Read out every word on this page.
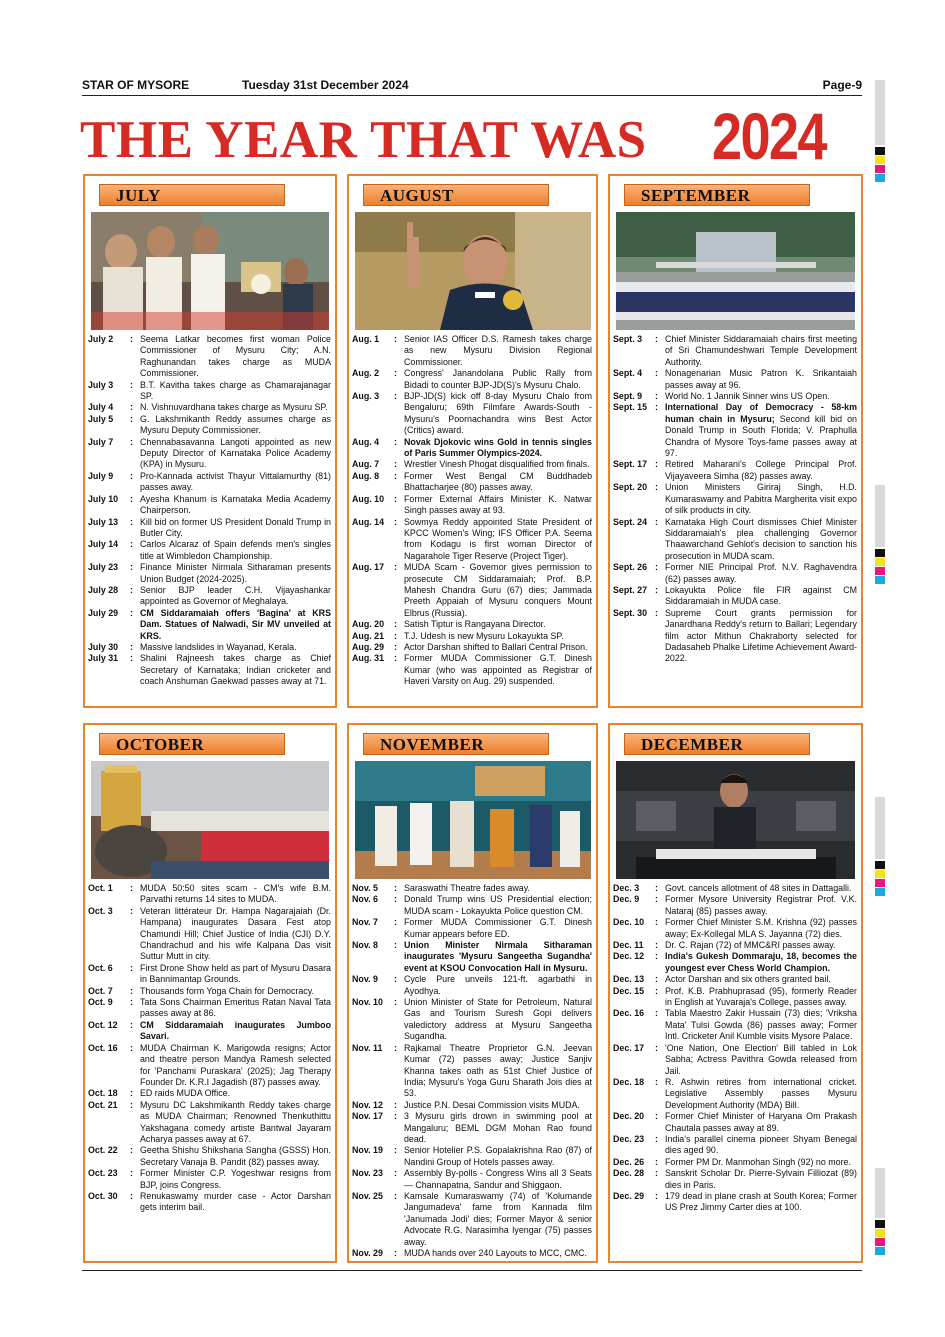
STAR OF MYSORE	Tuesday 31st December 2024	Page-9
THE YEAR THAT WAS 2024
JULY
July 2	: Seema Latkar becomes first woman Police Commissioner of Mysuru City; A.N. Raghunandan takes charge as MUDA Commissioner.
July 3	: B.T. Kavitha takes charge as Chamarajanagar SP.
July 4	: N. Vishnuvardhana takes charge as Mysuru SP.
July 5	: G. Lakshmikanth Reddy assumes charge as Mysuru Deputy Commissioner.
July 7	: Chennabasavanna Langoti appointed as new Deputy Director of Karnataka Police Academy (KPA) in Mysuru.
July 9	: Pro-Kannada activist Thayur Vittalamurthy (81) passes away.
July 10	: Ayesha Khanum is Karnataka Media Academy Chairperson.
July 13	: Kill bid on former US President Donald Trump in Butler City.
July 14	: Carlos Alcaraz of Spain defends men's singles title at Wimbledon Championship.
July 23	: Finance Minister Nirmala Sitharaman presents Union Budget (2024-2025).
July 28	: Senior BJP leader C.H. Vijayashankar appointed as Governor of Meghalaya.
July 29	: CM Siddaramaiah offers 'Bagina' at KRS Dam. Statues of Nalwadi, Sir MV unveiled at KRS.
July 30	: Massive landslides in Wayanad, Kerala.
July 31	: Shalini Rajneesh takes charge as Chief Secretary of Karnataka; Indian cricketer and coach Anshuman Gaekwad passes away at 71.
AUGUST
Aug. 1	: Senior IAS Officer D.S. Ramesh takes charge as new Mysuru Division Regional Commissioner.
Aug. 2	: Congress' Janandolana Public Rally from Bidadi to counter BJP-JD(S)'s Mysuru Chalo.
Aug. 3	: BJP-JD(S) kick off 8-day Mysuru Chalo from Bengaluru; 69th Filmfare Awards-South - Mysuru's Poornachandra wins Best Actor (Critics) award.
Aug. 4	: Novak Djokovic wins Gold in tennis singles of Paris Summer Olympics-2024.
Aug. 7	: Wrestler Vinesh Phogat disqualified from finals.
Aug. 8	: Former West Bengal CM Buddhadeb Bhattacharjee (80) passes away.
Aug. 10	: Former External Affairs Minister K. Natwar Singh passes away at 93.
Aug. 14	: Sowmya Reddy appointed State President of KPCC Women's Wing; IFS Officer P.A. Seema from Kodagu is first woman Director of Nagarahole Tiger Reserve (Project Tiger).
Aug. 17	: MUDA Scam - Governor gives permission to prosecute CM Siddaramaiah; Prof. B.P. Mahesh Chandra Guru (67) dies; Jammada Preeth Appaiah of Mysuru conquers Mount Elbrus (Russia).
Aug. 20	: Satish Tiptur is Rangayana Director.
Aug. 21	: T.J. Udesh is new Mysuru Lokayukta SP.
Aug. 29	: Actor Darshan shifted to Ballari Central Prison.
Aug. 31	: Former MUDA Commissioner G.T. Dinesh Kumar (who was appointed as Registrar of Haveri Varsity on Aug. 29) suspended.
SEPTEMBER
Sept. 3	: Chief Minister Siddaramaiah chairs first meeting of Sri Chamundeshwari Temple Development Authority.
Sept. 4	: Nonagenarian Music Patron K. Srikantaiah passes away at 96.
Sept. 9	: World No. 1 Jannik Sinner wins US Open.
Sept. 15 : International Day of Democracy - 58-km human chain in Mysuru; Second kill bid on Donald Trump in South Florida; V. Praphulla Chandra of Mysore Toys-fame passes away at 97.
Sept. 17 : Retired Maharani's College Principal Prof. Vijayaveera Simha (82) passes away.
Sept. 20 : Union Ministers Giriraj Singh, H.D. Kumaraswamy and Pabitra Margherita visit expo of silk products in city.
Sept. 24 : Karnataka High Court dismisses Chief Minister Siddaramaiah's plea challenging Governor Thaawarchand Gehlot's decision to sanction his prosecution in MUDA scam.
Sept. 26 : Former NIE Principal Prof. N.V. Raghavendra (62) passes away.
Sept. 27 : Lokayukta Police file FIR against CM Siddaramaiah in MUDA case.
Sept. 30 : Supreme Court grants permission for Janardhana Reddy's return to Ballari; Legendary film actor Mithun Chakraborty selected for Dadasaheb Phalke Lifetime Achievement Award-2022.
OCTOBER
Oct. 1	: MUDA 50:50 sites scam - CM's wife B.M. Parvathi returns 14 sites to MUDA.
Oct. 3	: Veteran littérateur Dr. Hampa Nagarajaiah (Dr. Hampana) inaugurates Dasara Fest atop Chamundi Hill; Chief Justice of India (CJI) D.Y. Chandrachud and his wife Kalpana Das visit Suttur Mutt in city.
Oct. 6	: First Drone Show held as part of Mysuru Dasara in Bannimantap Grounds.
Oct. 7	: Thousands form Yoga Chain for Democracy.
Oct. 9	: Tata Sons Chairman Emeritus Ratan Naval Tata passes away at 86.
Oct. 12	: CM Siddaramaiah inaugurates Jumboo Savari.
Oct. 16	: MUDA Chairman K. Marigowda resigns; Actor and theatre person Mandya Ramesh selected for 'Panchami Puraskara' (2025); Jag Therapy Founder Dr. K.R.I Jagadish (87) passes away.
Oct. 18	: ED raids MUDA Office.
Oct. 21	: Mysuru DC Lakshmikanth Reddy takes charge as MUDA Chairman; Renowned Thenkuthittu Yakshagana comedy artiste Bantwal Jayaram Acharya passes away at 67.
Oct. 22	: Geetha Shishu Shikshana Sangha (GSSS) Hon. Secretary Vanaja B. Pandit (82) passes away.
Oct. 23	: Former Minister C.P. Yogeshwar resigns from BJP, joins Congress.
Oct. 30	: Renukaswamy murder case - Actor Darshan gets interim bail.
NOVEMBER
Nov. 5	: Saraswathi Theatre fades away.
Nov. 6	: Donald Trump wins US Presidential election; MUDA scam - Lokayukta Police question CM.
Nov. 7	: Former MUDA Commissioner G.T. Dinesh Kumar appears before ED.
Nov. 8	: Union Minister Nirmala Sitharaman inaugurates 'Mysuru Sangeetha Sugandha' event at KSOU Convocation Hall in Mysuru.
Nov. 9	: Cycle Pure unveils 121-ft. agarbathi in Ayodhya.
Nov. 10	: Union Minister of State for Petroleum, Natural Gas and Tourism Suresh Gopi delivers valedictory address at Mysuru Sangeetha Sugandha.
Nov. 11	: Rajkamal Theatre Proprietor G.N. Jeevan Kumar (72) passes away; Justice Sanjiv Khanna takes oath as 51st Chief Justice of India; Mysuru's Yoga Guru Sharath Jois dies at 53.
Nov. 12	: Justice P.N. Desai Commission visits MUDA.
Nov. 17	: 3 Mysuru girls drown in swimming pool at Mangaluru; BEML DGM Mohan Rao found dead.
Nov. 19	: Senior Hotelier P.S. Gopalakrishna Rao (87) of Nandini Group of Hotels passes away.
Nov. 23	: Assembly By-polls - Congress Wins all 3 Seats — Channapatna, Sandur and Shiggaon.
Nov. 25	: Kamsale Kumaraswamy (74) of 'Kolumande Jangumadeva' fame from Kannada film 'Janumada Jodi' dies; Former Mayor & senior Advocate R.G. Narasimha Iyengar (75) passes away.
Nov. 29	: MUDA hands over 240 Layouts to MCC, CMC.
DECEMBER
Dec. 3	: Govt. cancels allotment of 48 sites in Dattagalli.
Dec. 9	: Former Mysore University Registrar Prof. V.K. Nataraj (85) passes away.
Dec. 10	: Former Chief Minister S.M. Krishna (92) passes away; Ex-Kollegal MLA S. Jayanna (72) dies.
Dec. 11	: Dr. C. Rajan (72) of MMC&RI passes away.
Dec. 12	: India's Gukesh Dommaraju, 18, becomes the youngest ever Chess World Champion.
Dec. 13	: Actor Darshan and six others granted bail.
Dec. 15	: Prof. K.B. Prabhuprasad (95), formerly Reader in English at Yuvaraja's College, passes away.
Dec. 16	: Tabla Maestro Zakir Hussain (73) dies; 'Vriksha Mata' Tulsi Gowda (86) passes away; Former Intl. Cricketer Anil Kumble visits Mysore Palace.
Dec. 17	: 'One Nation, One Election' Bill tabled in Lok Sabha; Actress Pavithra Gowda released from Jail.
Dec. 18	: R. Ashwin retires from international cricket. Legislative Assembly passes Mysuru Development Authority (MDA) Bill.
Dec. 20	: Former Chief Minister of Haryana Om Prakash Chautala passes away at 89.
Dec. 23	: India's parallel cinema pioneer Shyam Benegal dies aged 90.
Dec. 26	: Former PM Dr. Manmohan Singh (92) no more.
Dec. 28	: Sanskrit Scholar Dr. Pierre-Sylvain Filliozat (89) dies in Paris.
Dec. 29	: 179 dead in plane crash at South Korea; Former US Prez Jimmy Carter dies at 100.
